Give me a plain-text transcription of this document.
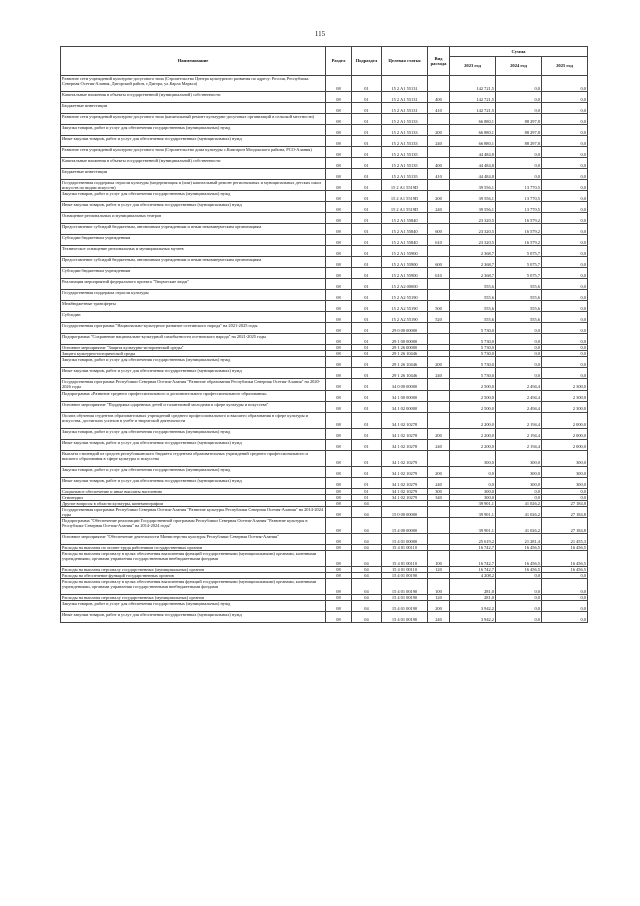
115
Наименование	Раздел	Подраздел	Целевая статья	Вид расхода	Сумма		
					2023 год	2024 год	2025 год
Развитие сети учреждений культурно-досугового типа (Строительство Центра культурного развития по адресу: Россия, Республика Северная Осетия-Алания, Дигорский район, г.Дигора, ул.Карла Маркса)	08	01	15 2 А1 55131		142 721,5	0,0	0,0
Капитальные вложения в объекты государственной (муниципальной) собственности	08	01	15 2 А1 55131	400	142 721,5	0,0	0,0
Бюджетные инвестиции	08	01	15 2 А1 55131	410	142 721,5	0,0	0,0
Развитие сети учреждений культурно-досугового типа (капитальный ремонт культурно-досуговых организаций в сельской местности)	08	01	15 2 А1 55133		66 880,1	88 297,8	0,0
Закупка товаров, работ и услуг для обеспечения государственных (муниципальных) нужд	08	01	15 2 А1 55133	200	66 880,1	88 297,8	0,0
Иные закупки товаров, работ и услуг для обеспечения государственных (муниципальных) нужд	08	01	15 2 А1 55133	240	66 880,1	88 297,8	0,0
Развитие сети учреждений культурно-досугового типа (Строительство дома культуры с.Комгарон Моздокского района, РСО-Алания)	08	01	15 2 А1 55135		44 484,8	0,0	0,0
Капитальные вложения в объекты государственной (муниципальной) собственности	08	01	15 2 А1 55135	400	44 484,8	0,0	0,0
Бюджетные инвестиции	08	01	15 2 А1 55135	410	44 484,8	0,0	0,0
Государственная поддержка отрасли культуры (модернизация и (или) капитальный ремонт региональных и муниципальных детских школ искусств по видам искусств)	08	01	15 2 А1 5519D		39 556,1	13 770,5	0,0
Закупка товаров, работ и услуг для обеспечения государственных (муниципальных) нужд	08	01	15 2 А1 5519D	200	39 556,1	13 770,5	0,0
Иные закупки товаров, работ и услуг для обеспечения государственных (муниципальных) нужд	08	01	15 2 А1 5519D	240	39 556,1	13 770,5	0,0
Оснащение региональных и муниципальных театров	08	01	15 2 А1 55840		23 320,5	16 579,2	0,0
Предоставление субсидий бюджетным, автономным учреждениям и иным некоммерческим организациям	08	01	15 2 А1 55840	600	23 320,5	16 579,2	0,0
Субсидии бюджетным учреждениям	08	01	15 2 А1 55840	610	23 320,5	16 579,2	0,0
Техническое оснащение региональных и муниципальных музеев	08	01	15 2 А1 55900		2 368,7	5 075,7	0,0
Предоставление субсидий бюджетным, автономным учреждениям и иным некоммерческим организациям	08	01	15 2 А1 55900	600	2 368,7	5 075,7	0,0
Субсидии бюджетным учреждениям	08	01	15 2 А1 55900	610	2 368,7	5 075,7	0,0
Реализация мероприятий федерального проекта "Творческие люди"	08	01	15 2 А2 00000		555,6	555,6	0,0
Государственная поддержка отрасли культуры	08	01	15 2 А2 55190		555,6	555,6	0,0
Межбюджетные трансферты	08	01	15 2 А2 55190	500	555,6	555,6	0,0
Субсидии	08	01	15 2 А2 55190	520	555,6	555,6	0,0
Государственная программа "Национально-культурное развитие осетинского народа" на 2021-2025 годы	08	01	29 0 00 00000		5 730,0	0,0	0,0
Подпрограмма "Сохранение национально-культурной самобытности осетинского народа" на 2021-2025 годы	08	01	29 1 00 00000		5 730,0	0,0	0,0
Основное мероприятие "Защита культурно-исторической среды"	08	01	29 1 26 00000		5 730,0	0,0	0,0
Защита культурно-исторической среды	08	01	29 1 26 10446		5 730,0	0,0	0,0
Закупка товаров, работ и услуг для обеспечения государственных (муниципальных) нужд	08	01	29 1 26 10446	200	5 730,0	0,0	0,0
Иные закупки товаров, работ и услуг для обеспечения государственных (муниципальных) нужд	08	01	29 1 26 10446	240	5 730,0	0,0	0,0
Государственная программа Республики Северная Осетия-Алания "Развитие образования Республики Северная Осетия-Алания" на 2020-2026 годы	08	01	34 0 00 00000		2 500,0	2 494,4	2 300,0
Подпрограмма «Развитие среднего профессионального и дополнительного профессионального образования»	08	01	34 1 00 00000		2 500,0	2 494,4	2 300,0
Основное мероприятие "Поддержка одаренных детей и талантливой молодежи в сфере культуры и искусства"	08	01	34 1 02 00000		2 500,0	2 494,4	2 300,0
Оплата обучения студентов образовательных учреждений среднего профессионального и высшего образования в сфере культуры и искусства, достигших успехов в учебе и творческой деятельности	08	01	34 1 02 10278		2 200,0	2 194,4	2 000,0
Закупка товаров, работ и услуг для обеспечения государственных (муниципальных) нужд	08	01	34 1 02 10278	200	2 200,0	2 194,4	2 000,0
Иные закупки товаров, работ и услуг для обеспечения государственных (муниципальных) нужд	08	01	34 1 02 10278	240	2 200,0	2 194,4	2 000,0
Выплата стипендий из средств республиканского бюджета студентам образовательных учреждений среднего профессионального и высшего образования в сфере культуры и искусства	08	01	34 1 02 10279		300,0	300,0	300,0
Закупка товаров, работ и услуг для обеспечения государственных (муниципальных) нужд	08	01	34 1 02 10279	200	0,0	300,0	300,0
Иные закупки товаров, работ и услуг для обеспечения государственных (муниципальных) нужд	08	01	34 1 02 10279	240	0,0	300,0	300,0
Социальное обеспечение и иные выплаты населению	08	01	34 1 02 10279	300	300,0	0,0	0,0
Стипендии	08	01	34 1 02 10279	340	300,0	0,0	0,0
Другие вопросы в области культуры, кинематографии	08	04			39 901,1	41 026,2	27 184,8
Государственная программа Республики Северная Осетия-Алания "Развитие культуры Республики Северная Осетия-Алания" на 2014-2024 годы	08	04	15 0 00 00000		39 901,1	41 026,2	27 184,8
Подпрограмма "Обеспечение реализации Государственной программы Республики Северная Осетия-Алания "Развитие культуры в Республике Северная Осетия-Алания" на 2014-2024 годы"	08	04	15 4 00 00000		39 901,1	41 026,2	27 184,8
Основное мероприятие "Обеспечение деятельности Министерства культуры Республики Северная Осетия-Алания"	08	04	15 4 01 00000		25 619,2	21 281,4	21 455,3
Расходы на выплаты по оплате труда работников государственных органов	08	04	15 4 01 00110		16 742,7	16 456,5	16 456,5
Расходы на выплаты персоналу в целях обеспечения выполнения функций государственными (муниципальными) органами, казенными учреждениями, органами управления государственными внебюджетными фондами	08	04	15 4 01 00110	100	16 742,7	16 456,5	16 456,5
Расходы на выплаты персоналу государственных (муниципальных) органов	08	04	15 4 01 00110	120	16 742,7	16 456,5	16 456,5
Расходы на обеспечение функций государственных органов	08	04	15 4 01 00190		4 208,2	0,0	0,0
Расходы на выплаты персоналу в целях обеспечения выполнения функций государственными (муниципальными) органами, казенными учреждениями, органами управления государственными внебюджетными фондами	08	04	15 4 01 00190	100	281,0	0,0	0,0
Расходы на выплаты персоналу государственных (муниципальных) органов	08	04	15 4 01 00190	120	281,0	0,0	0,0
Закупка товаров, работ и услуг для обеспечения государственных (муниципальных) нужд	08	04	15 4 01 00190	200	3 942,2	0,0	0,0
Иные закупки товаров, работ и услуг для обеспечения государственных (муниципальных) нужд	08	04	15 4 01 00190	240	3 942,2	0,0	0,0
